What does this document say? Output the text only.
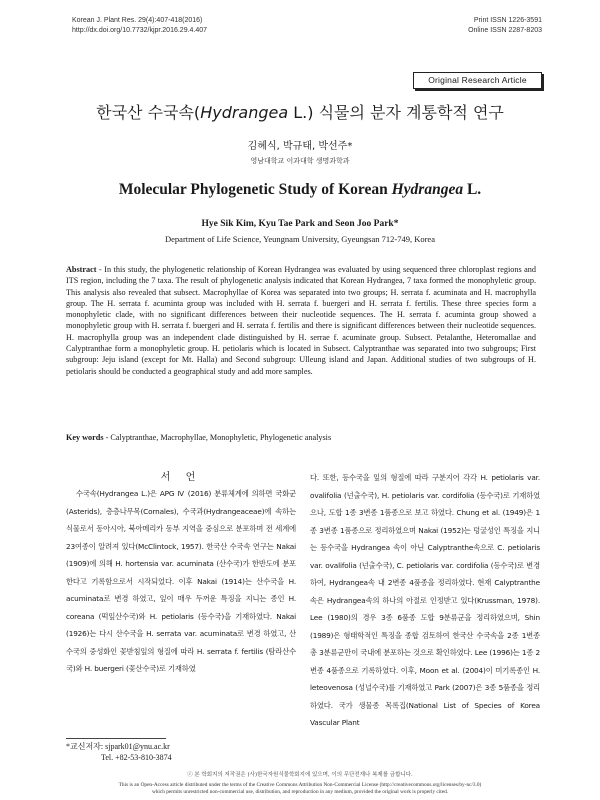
Korean J. Plant Res. 29(4):407-418(2016)
http://dx.doi.org/10.7732/kjpr.2016.29.4.407
Print ISSN 1226-3591
Online ISSN 2287-8203
Original Research Article
한국산 수국속(Hydrangea L.) 식물의 분자 계통학적 연구
김혜식, 박규태, 박선주*
영남대학교 이과대학 생명과학과
Molecular Phylogenetic Study of Korean Hydrangea L.
Hye Sik Kim, Kyu Tae Park and Seon Joo Park*
Department of Life Science, Yeungnam University, Gyeungsan 712-749, Korea

Abstract - In this study, the phylogenetic relationship of Korean Hydrangea was evaluated by using sequenced three chloroplast regions and ITS region, including the 7 taxa. The result of phylogenetic analysis indicated that Korean Hydrangea, 7 taxa formed the monophyletic group. This analysis also revealed that subsect. Macrophyllae of Korea was separated into two groups; H. serrata f. acuminata and H. macrophylla group. The H. serrata f. acuminta group was included with H. serrata f. buergeri and H. serrata f. fertilis. These three species form a monophyletic clade, with no significant differences between their nucleotide sequences. The H. serrata f. acuminta group showed a monophyletic group with H. serrata f. buergeri and H. serrata f. fertilis and there is significant differences between their nucleotide sequences. H. macrophylla group was an independent clade distinguished by H. serrae f. acuminate group. Subsect. Petalanthe, Heteromallae and Calyptranthae form a monophyletic group. H. petiolaris which is located in Subsect. Calyptranthae was separated into two subgroups; First subgroup: Jeju island (except for Mt. Halla) and Second subgroup: Ulleung island and Japan. Additional studies of two subgroups of H. petiolaris should be conducted a geographical study and add more samples.

Key words - Calyptranthae, Macrophyllae, Monophyletic, Phylogenetic analysis

서 언

수국속(Hydrangea L.)은 APG Ⅳ (2016) 분류체계에 의하면 국화군(Asterids), 층층나무목(Cornales), 수국과(Hydrangeaceae)에 속하는 식물로서 동아시아, 북아메리카 동부 지역을 중심으로 분포하며 전 세계에 23여종이 알려져 있다(McClintock, 1957). 한국산 수국속 연구는 Nakai (1909)에 의해 H. hortensia var. acuminata (산수국)가 한반도에 분포한다고 기록함으로서 시작되었다. 이후 Nakai (1914)는 산수국을 H. acuminata로 변경 하였고, 잎이 매우 두꺼운 특징을 지니는 종인 H. coreana (떡잎산수국)와 H. petiolaris (등수국)을 기재하였다. Nakai (1926)는 다시 산수국을 H. serrata var. acuminata로 변경 하였고, 산수국의 중성화인 꽃받침잎의 형질에 따라 H. serrata f. fertilis (탐라산수국)와 H. buergeri (꽃산수국)로 기재하였

다. 또한, 등수국을 잎의 형질에 따라 구분지어 각각 H. petiolaris var. ovalifolia (넌출수국), H. petiolaris var. cordifolia (등수국)로 기재하였으나, 도합 1종 3변종 1품종으로 보고 하였다. Chung et al. (1949)은 1종 3변종 1품종으로 정리하였으며 Nakai (1952)는 덩굴성인 특징을 지니는 등수국을 Hydrangea 속이 아닌 Calyptranthe속으로 C. petiolaris var. ovalifolia (넌출수국), C. petiolaris var. cordifolia (등수국)로 변경하여, Hydrangea속 내 2변종 4품종을 정리하였다. 현재 Calyptranthe 속은 Hydrangea속의 하나의 아절로 인정받고 있다(Krussman, 1978). Lee (1980)의 경우 3종 6품종 도합 9분류군을 정리하였으며, Shin (1989)은 형태학적인 특징을 종합 검토하여 한국산 수국속을 2종 1변종 총 3분류군만이 국내에 분포하는 것으로 확인하였다. Lee (1996)는 1종 2변종 4품종으로 기록하였다. 이후, Moon et al. (2004)이 미기록종인 H. leteovenosa (성널수국)를 기재하였고 Park (2007)은 3종 5품종을 정리하였다. 국가 생물종 목록집(National List of Species of Korea Vascular Plant

*교신저자: sjpark01@ynu.ac.kr
Tel. +82-53-810-3874
ⓒ 본 학회지의 저작권은 (사)한국자원식물학회지에 있으며, 이의 무단전재나 복제를 금합니다.
This is an Open-Access article distributed under the terms of the Creative Commons Attribution Non-Commercial License (http://creativecommons.org/licenses/by-nc/3.0)
which permits unrestricted non-commercial use, distribution, and reproduction in any medium, provided the original work is properly cited.
